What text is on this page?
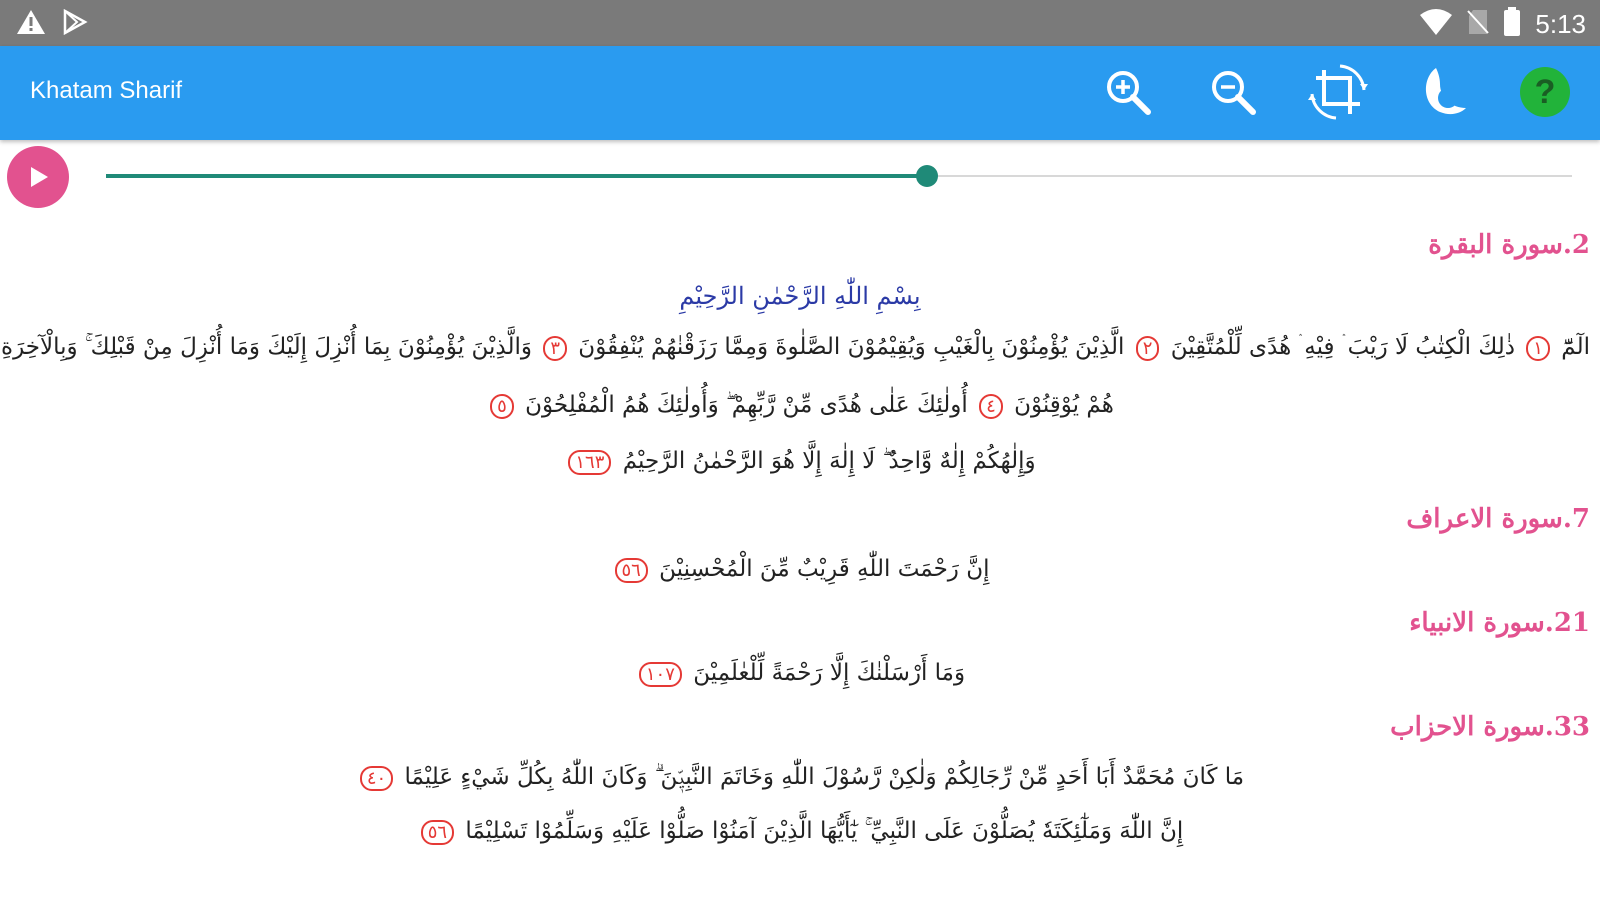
5:13
Khatam Sharif	?
2.سورة البقرة
بِسْمِ اللّٰهِ الرَّحْمٰنِ الرَّحِيْمِ
الٓمّٓ ١ ذٰلِكَ الْكِتٰبُ لَا رَيْبَ ۛ فِيْهِ ۛ هُدًى لِّلْمُتَّقِيْنَ ٢ الَّذِيْنَ يُؤْمِنُوْنَ بِالْغَيْبِ وَيُقِيْمُوْنَ الصَّلٰوةَ وَمِمَّا رَزَقْنٰهُمْ يُنْفِقُوْنَ ٣ وَالَّذِيْنَ يُؤْمِنُوْنَ بِمَا أُنْزِلَ إِلَيْكَ وَمَا أُنْزِلَ مِنْ قَبْلِكَ ۚ وَبِالْآخِرَةِ
هُمْ يُوْقِنُوْنَ ٤ أُولٰئِكَ عَلٰى هُدًى مِّنْ رَّبِّهِمْ ۖ وَأُولٰئِكَ هُمُ الْمُفْلِحُوْنَ ٥
وَإِلٰهُكُمْ إِلٰهٌ وَّاحِدٌ ۖ لَا إِلٰهَ إِلَّا هُوَ الرَّحْمٰنُ الرَّحِيْمُ ١٦٣
7.سورة الاعراف
إِنَّ رَحْمَتَ اللّٰهِ قَرِيْبٌ مِّنَ الْمُحْسِنِيْنَ ٥٦
21.سورة الانبياء
وَمَا أَرْسَلْنٰكَ إِلَّا رَحْمَةً لِّلْعٰلَمِيْنَ ١٠٧
33.سورة الاحزاب
مَا كَانَ مُحَمَّدٌ أَبَا أَحَدٍ مِّنْ رِّجَالِكُمْ وَلٰكِنْ رَّسُوْلَ اللّٰهِ وَخَاتَمَ النَّبِيّٖنَ ۗ وَكَانَ اللّٰهُ بِكُلِّ شَيْءٍ عَلِيْمًا ٤٠
إِنَّ اللّٰهَ وَمَلٰٓئِكَتَهٗ يُصَلُّوْنَ عَلَى النَّبِيِّ ۚ يٰٓأَيُّهَا الَّذِيْنَ آمَنُوْا صَلُّوْا عَلَيْهِ وَسَلِّمُوْا تَسْلِيْمًا ٥٦
